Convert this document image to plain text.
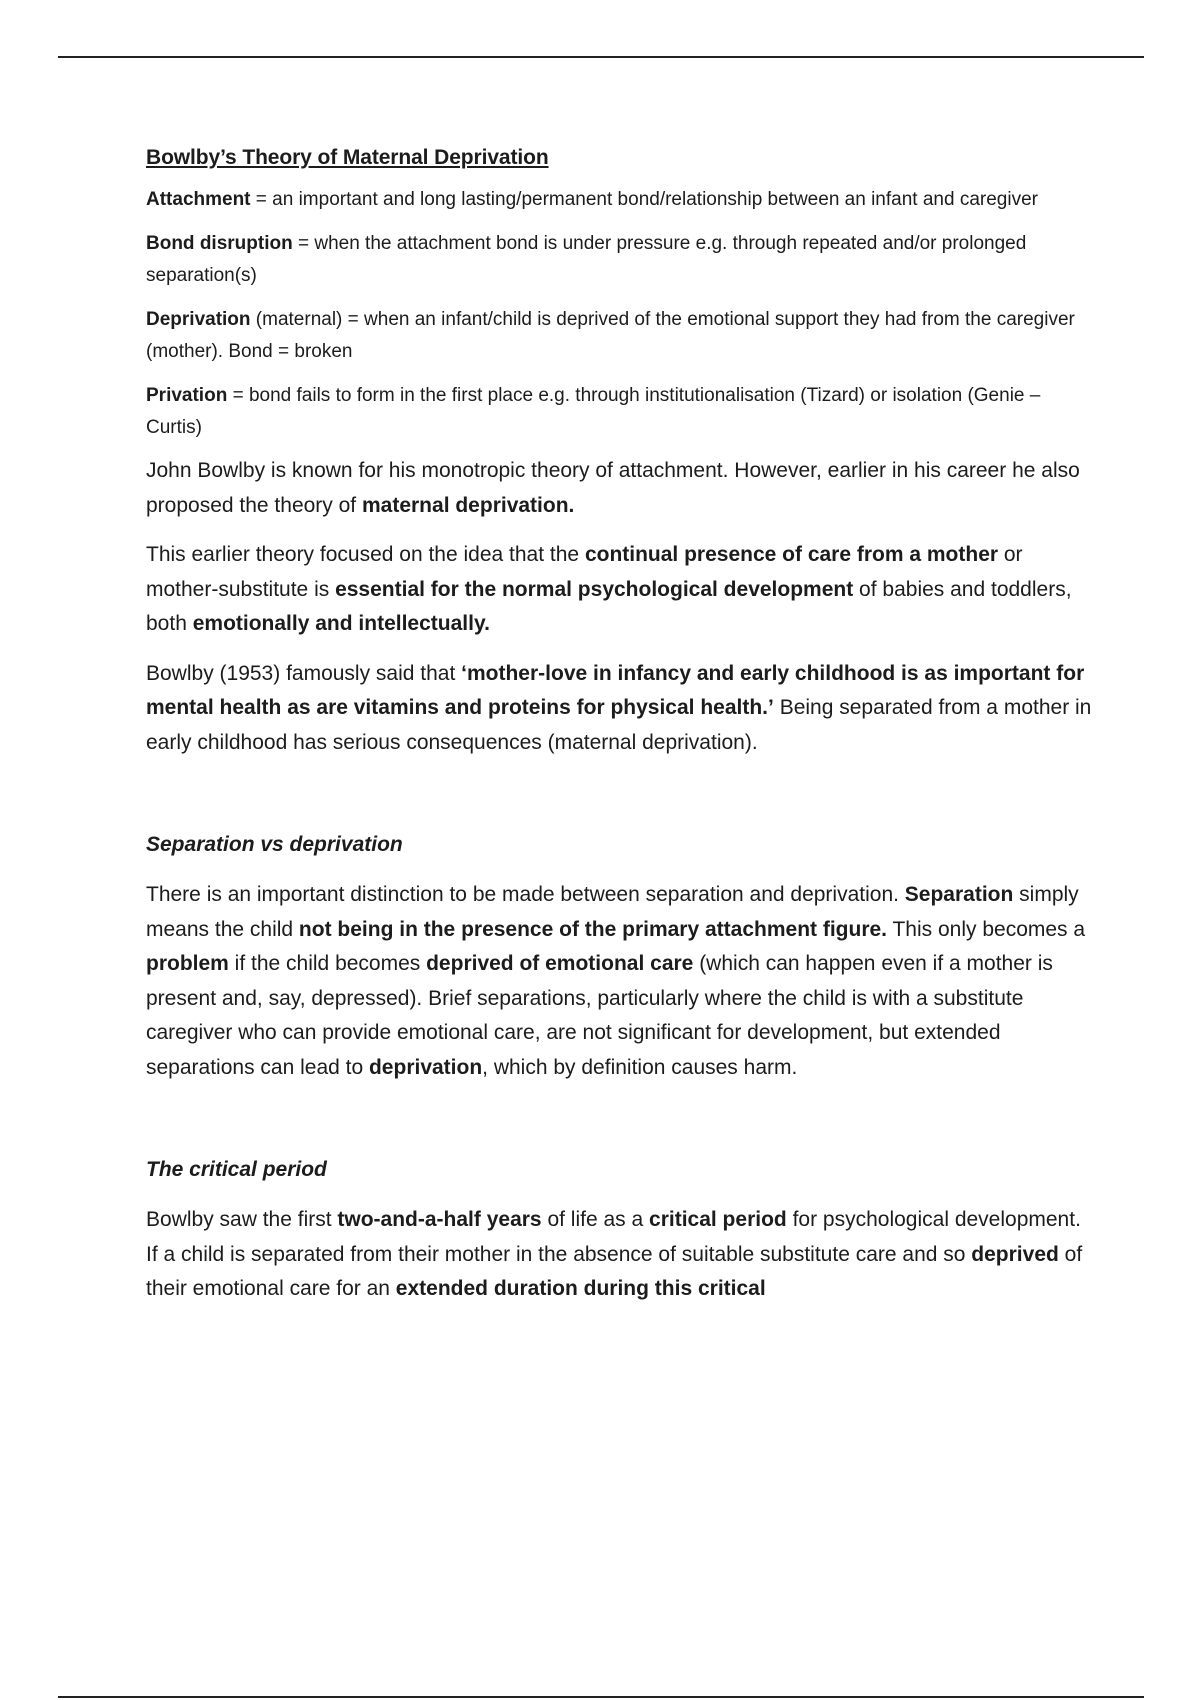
Bowlby’s Theory of Maternal Deprivation

Attachment = an important and long lasting/permanent bond/relationship between an infant and caregiver

Bond disruption = when the attachment bond is under pressure e.g. through repeated and/or prolonged separation(s)

Deprivation (maternal) = when an infant/child is deprived of the emotional support they had from the caregiver (mother). Bond = broken

Privation = bond fails to form in the first place e.g. through institutionalisation (Tizard) or isolation (Genie – Curtis)

John Bowlby is known for his monotropic theory of attachment. However, earlier in his career he also proposed the theory of maternal deprivation.

This earlier theory focused on the idea that the continual presence of care from a mother or mother-substitute is essential for the normal psychological development of babies and toddlers, both emotionally and intellectually.

Bowlby (1953) famously said that ‘mother-love in infancy and early childhood is as important for mental health as are vitamins and proteins for physical health.’ Being separated from a mother in early childhood has serious consequences (maternal deprivation).

Separation vs deprivation

There is an important distinction to be made between separation and deprivation. Separation simply means the child not being in the presence of the primary attachment figure. This only becomes a problem if the child becomes deprived of emotional care (which can happen even if a mother is present and, say, depressed). Brief separations, particularly where the child is with a substitute caregiver who can provide emotional care, are not significant for development, but extended separations can lead to deprivation, which by definition causes harm.

The critical period

Bowlby saw the first two-and-a-half years of life as a critical period for psychological development. If a child is separated from their mother in the absence of suitable substitute care and so deprived of their emotional care for an extended duration during this critical
